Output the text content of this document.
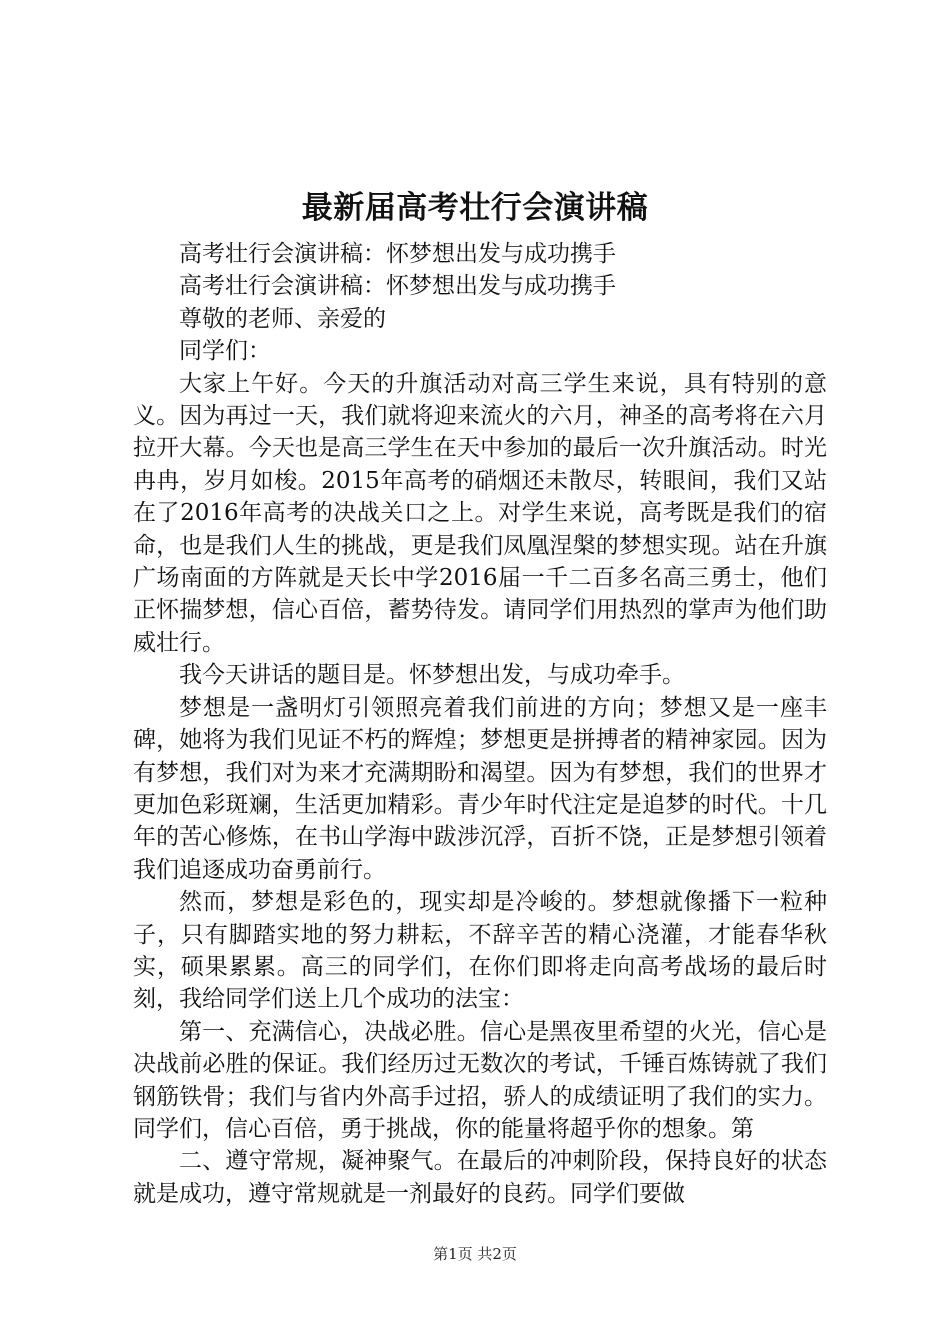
最新届高考壮行会演讲稿

高考壮行会演讲稿：怀梦想出发与成功携手

高考壮行会演讲稿：怀梦想出发与成功携手

尊敬的老师、亲爱的

同学们：

大家上午好。今天的升旗活动对高三学生来说，具有特别的意义。因为再过一天，我们就将迎来流火的六月，神圣的高考将在六月拉开大幕。今天也是高三学生在天中参加的最后一次升旗活动。时光冉冉，岁月如梭。2015年高考的硝烟还未散尽，转眼间，我们又站在了2016年高考的决战关口之上。对学生来说，高考既是我们的宿命，也是我们人生的挑战，更是我们凤凰涅槃的梦想实现。站在升旗广场南面的方阵就是天长中学2016届一千二百多名高三勇士，他们正怀揣梦想，信心百倍，蓄势待发。请同学们用热烈的掌声为他们助威壮行。

我今天讲话的题目是。怀梦想出发，与成功牵手。

梦想是一盏明灯引领照亮着我们前进的方向；梦想又是一座丰碑，她将为我们见证不朽的辉煌；梦想更是拼搏者的精神家园。因为有梦想，我们对为来才充满期盼和渴望。因为有梦想，我们的世界才更加色彩斑斓，生活更加精彩。青少年时代注定是追梦的时代。十几年的苦心修炼，在书山学海中跋涉沉浮，百折不饶，正是梦想引领着我们追逐成功奋勇前行。

然而，梦想是彩色的，现实却是冷峻的。梦想就像播下一粒种子，只有脚踏实地的努力耕耘，不辞辛苦的精心浇灌，才能春华秋实，硕果累累。高三的同学们，在你们即将走向高考战场的最后时刻，我给同学们送上几个成功的法宝：

第一、充满信心，决战必胜。信心是黑夜里希望的火光，信心是决战前必胜的保证。我们经历过无数次的考试，千锤百炼铸就了我们钢筋铁骨；我们与省内外高手过招，骄人的成绩证明了我们的实力。同学们，信心百倍，勇于挑战，你的能量将超乎你的想象。第

二、遵守常规，凝神聚气。在最后的冲刺阶段，保持良好的状态就是成功，遵守常规就是一剂最好的良药。同学们要做

第1页 共2页
